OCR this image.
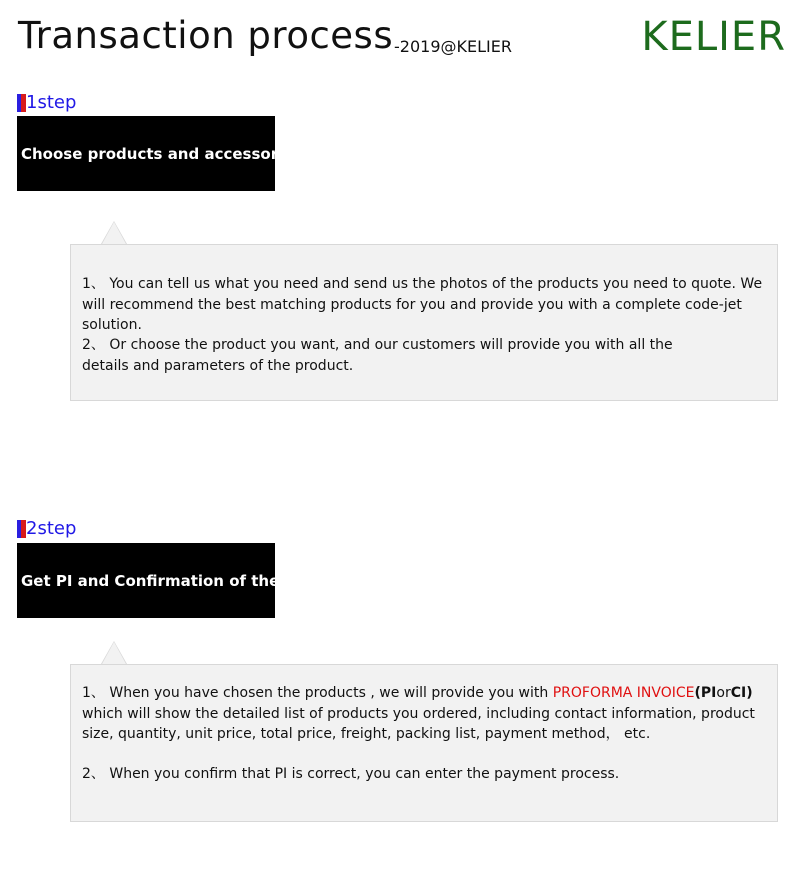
Transaction process -2019@KELIER	KELIER
1step
Choose products and accessories

1、 You can tell us what you need and send us the photos of the products you need to quote. We will recommend the best matching products for you and provide you with a complete code-jet solution.

2、 Or choose the product you want, and our customers will provide you with all the details and parameters of the product.

2step
Get PI and Confirmation of the order

1、 When you have chosen the products , we will provide you with PROFORMA INVOICE(PIorCI) which will show the detailed list of products you ordered, including contact information, product size, quantity, unit price, total price, freight, packing list, payment method， etc.

2、 When you confirm that PI is correct, you can enter the payment process.
